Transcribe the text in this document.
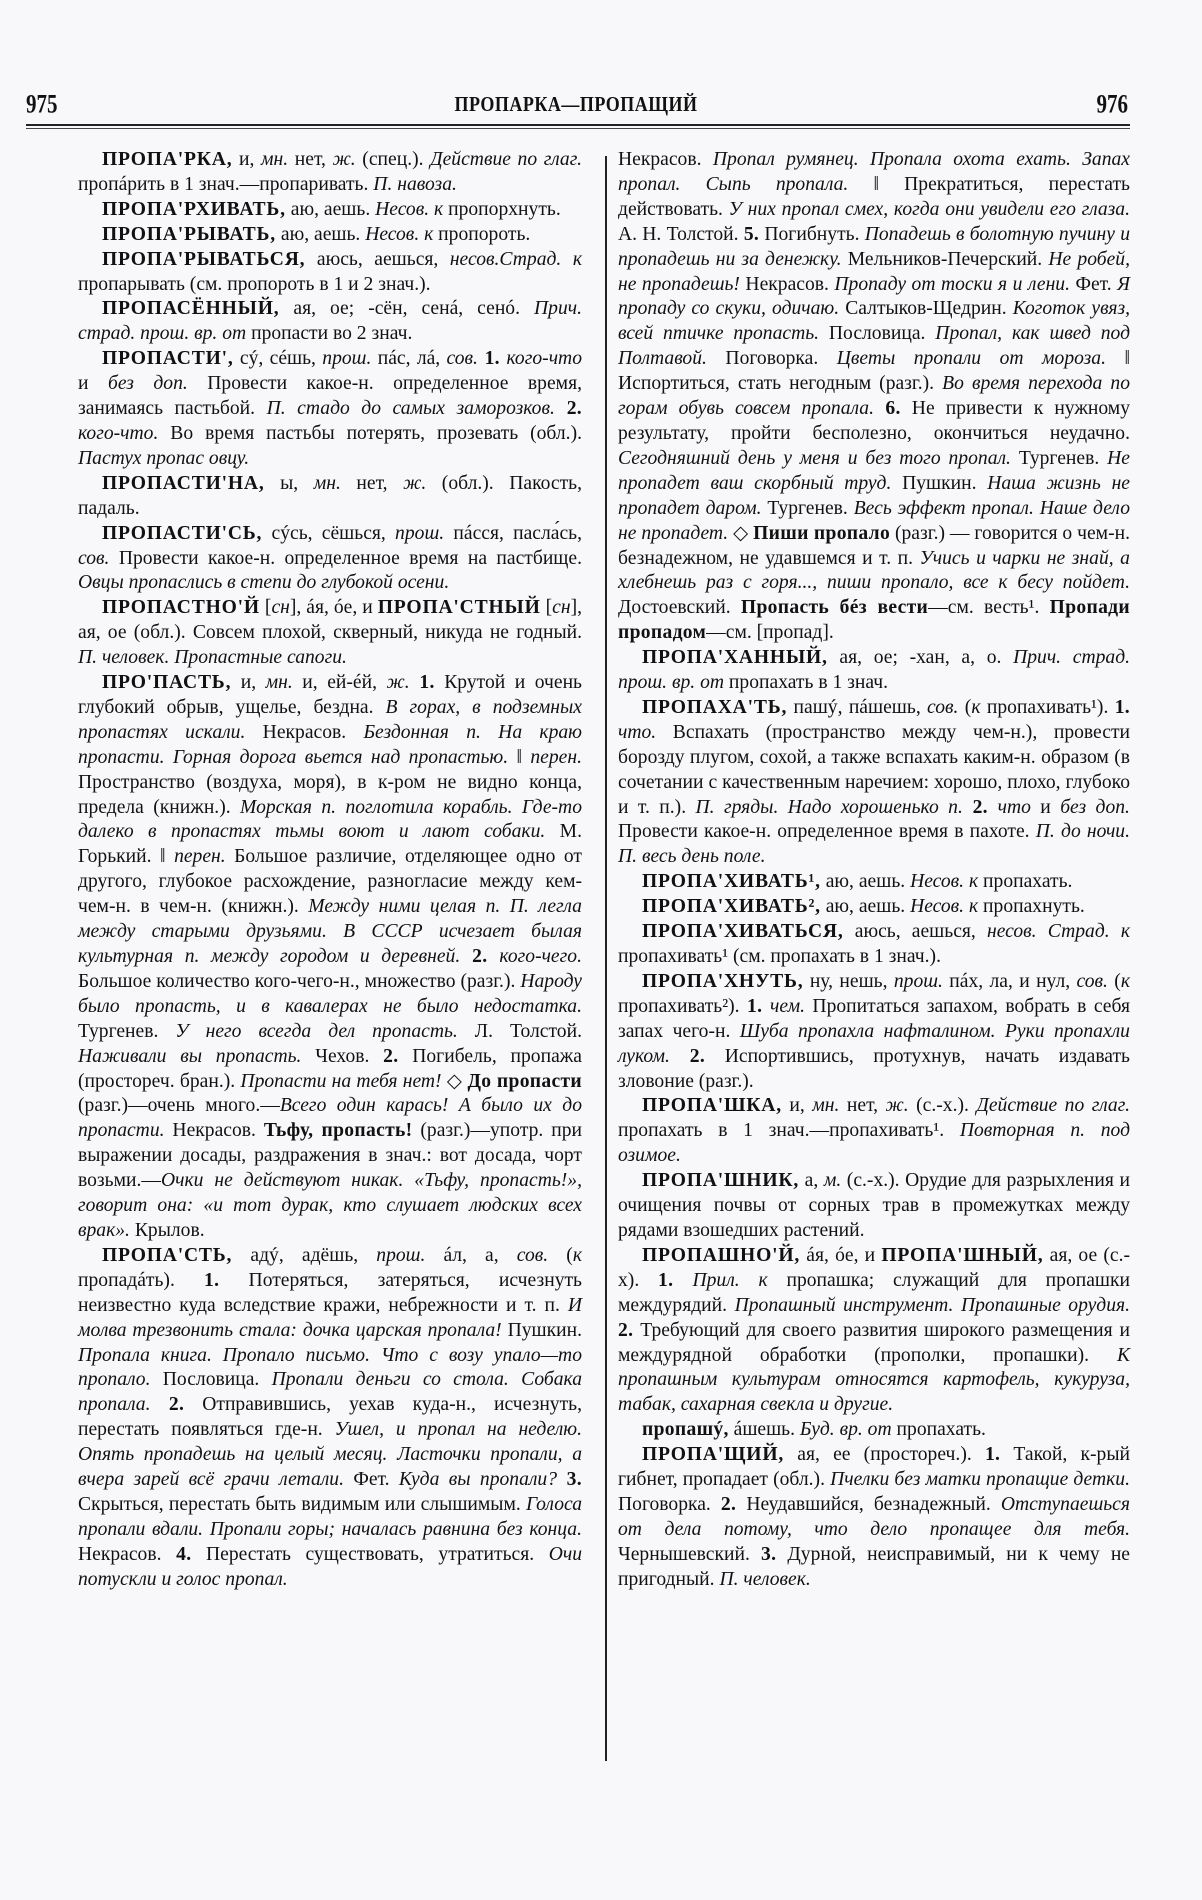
975	ПРОПАРКА—ПРОПАЩИЙ	976

ПРОПА'РКА, и, мн. нет, ж. (спец.). Действие по глаг. пропáрить в 1 знач.—пропаривать. П. навоза.

ПРОПА'РХИВАТЬ, аю, аешь. Несов. к пропорхнуть.

ПРОПА'РЫВАТЬ, аю, аешь. Несов. к пропороть.

ПРОПА'РЫВАТЬСЯ, аюсь, аешься, несов.Страд. к пропарывать (см. пропороть в 1 и 2 знач.).

ПРОПАСЁННЫЙ, ая, ое; -сён, сенá, сенó. Прич. страд. прош. вр. от пропасти во 2 знач.

ПРОПАСТИ', сý, сéшь, прош. пáс, лá, сов. 1. кого-что и без доп. Провести какое-н. определенное время, занимаясь пастьбой. П. стадо до самых заморозков. 2. кого-что. Во время пастьбы потерять, прозевать (обл.). Пастух пропас овцу.

ПРОПАСТИ'НА, ы, мн. нет, ж. (обл.). Пакость, падаль.

ПРОПАСТИ'СЬ, сýсь, сёшься, прош. пáсся, пасла́сь, сов. Провести какое-н. определенное время на пастбище. Овцы пропаслись в степи до глубокой осени.

ПРОПАСТНО'Й [сн], áя, óе, и ПРОПА'СТНЫЙ [сн], ая, ое (обл.). Совсем плохой, скверный, никуда не годный. П. человек. Пропастные сапоги.

ПРО'ПАСТЬ, и, мн. и, ей-éй, ж. 1. Крутой и очень глубокий обрыв, ущелье, бездна. В горах, в подземных пропастях искали. Некрасов. Бездонная п. На краю пропасти. Горная дорога вьется над пропастью. ‖ перен. Пространство (воздуха, моря), в к-ром не видно конца, предела (книжн.). Морская п. поглотила корабль. Где-то далеко в пропастях тьмы воют и лают собаки. М. Горький. ‖ перен. Большое различие, отделяющее одно от другого, глубокое расхождение, разногласие между кем-чем-н. в чем-н. (книжн.). Между ними целая п. П. легла между старыми друзьями. В СССР исчезает былая культурная п. между городом и деревней. 2. кого-чего. Большое количество кого-чего-н., множество (разг.). Народу было пропасть, и в кавалерах не было недостатка. Тургенев. У него всегда дел пропасть. Л. Толстой. Наживали вы пропасть. Чехов. 2. Погибель, пропажа (простореч. бран.). Пропасти на тебя нет! ◇ До пропасти (разг.)—очень много.—Всего один карась! А было их до пропасти. Некрасов. Тьфу, пропасть! (разг.)—употр. при выражении досады, раздражения в знач.: вот досада, чорт возьми.—Очки не действуют никак. «Тьфу, пропасть!», говорит она: «и тот дурак, кто слушает людских всех врак». Крылов.

ПРОПА'СТЬ, адý, адёшь, прош. áл, а, сов. (к пропадáть). 1. Потеряться, затеряться, исчезнуть неизвестно куда вследствие кражи, небрежности и т. п. И молва трезвонить стала: дочка царская пропала! Пушкин. Пропала книга. Пропало письмо. Что с возу упало—то пропало. Пословица. Пропали деньги со стола. Собака пропала. 2. Отправившись, уехав куда-н., исчезнуть, перестать появляться где-н. Ушел, и пропал на неделю. Опять пропадешь на целый месяц. Ласточки пропали, а вчера зарей всё грачи летали. Фет. Куда вы пропали? 3. Скрыться, перестать быть видимым или слышимым. Голоса пропали вдали. Пропали горы; началась равнина без конца. Некрасов. 4. Перестать существовать, утратиться. Очи потускли и голос пропал.

Некрасов. Пропал румянец. Пропала охота ехать. Запах пропал. Сыпь пропала. ‖ Прекратиться, перестать действовать. У них пропал смех, когда они увидели его глаза. А. Н. Толстой. 5. Погибнуть. Попадешь в болотную пучину и пропадешь ни за денежку. Мельников-Печерский. Не робей, не пропадешь! Некрасов. Пропаду от тоски я и лени. Фет. Я пропаду со скуки, одичаю. Салтыков-Щедрин. Коготок увяз, всей птичке пропасть. Пословица. Пропал, как швед под Полтавой. Поговорка. Цветы пропали от мороза. ‖ Испортиться, стать негодным (разг.). Во время перехода по горам обувь совсем пропала. 6. Не привести к нужному результату, пройти бесполезно, окончиться неудачно. Сегодняшний день у меня и без того пропал. Тургенев. Не пропадет ваш скорбный труд. Пушкин. Наша жизнь не пропадет даром. Тургенев. Весь эффект пропал. Наше дело не пропадет. ◇ Пиши пропало (разг.) — говорится о чем-н. безнадежном, не удавшемся и т. п. Учись и чарки не знай, а хлебнешь раз с горя..., пиши пропало, все к бесу пойдет. Достоевский. Пропасть бéз вести—см. весть¹. Пропади пропадом—см. [пропад].

ПРОПА'ХАННЫЙ, ая, ое; -хан, а, о. Прич. страд. прош. вр. от пропахать в 1 знач.

ПРОПАХА'ТЬ, пашý, пáшешь, сов. (к пропахивать¹). 1. что. Вспахать (пространство между чем-н.), провести борозду плугом, сохой, а также вспахать каким-н. образом (в сочетании с качественным наречием: хорошо, плохо, глубоко и т. п.). П. гряды. Надо хорошенько п. 2. что и без доп. Провести какое-н. определенное время в пахоте. П. до ночи. П. весь день поле.

ПРОПА'ХИВАТЬ¹, аю, аешь. Несов. к пропахать.

ПРОПА'ХИВАТЬ², аю, аешь. Несов. к пропахнуть.

ПРОПА'ХИВАТЬСЯ, аюсь, аешься, несов. Страд. к пропахивать¹ (см. пропахать в 1 знач.).

ПРОПА'ХНУТЬ, ну, нешь, прош. пáх, ла, и нул, сов. (к пропахивать²). 1. чем. Пропитаться запахом, вобрать в себя запах чего-н. Шуба пропахла нафталином. Руки пропахли луком. 2. Испортившись, протухнув, начать издавать зловоние (разг.).

ПРОПА'ШКА, и, мн. нет, ж. (с.-х.). Действие по глаг. пропахать в 1 знач.—пропахивать¹. Повторная п. под озимое.

ПРОПА'ШНИК, а, м. (с.-х.). Орудие для разрыхления и очищения почвы от сорных трав в промежутках между рядами взошедших растений.

ПРОПАШНО'Й, áя, óе, и ПРОПА'ШНЫЙ, ая, ое (с.-х). 1. Прил. к пропашка; служащий для пропашки междурядий. Пропашный инструмент. Пропашные орудия. 2. Требующий для своего развития широкого размещения и междурядной обработки (прополки, пропашки). К пропашным культурам относятся картофель, кукуруза, табак, сахарная свекла и другие.

пропашý, áшешь. Буд. вр. от пропахать.

ПРОПА'ЩИЙ, ая, ее (простореч.). 1. Такой, к-рый гибнет, пропадает (обл.). Пчелки без матки пропащие детки. Поговорка. 2. Неудавшийся, безнадежный. Отступаешься от дела потому, что дело пропащее для тебя. Чернышевский. 3. Дурной, неисправимый, ни к чему не пригодный. П. человек.
